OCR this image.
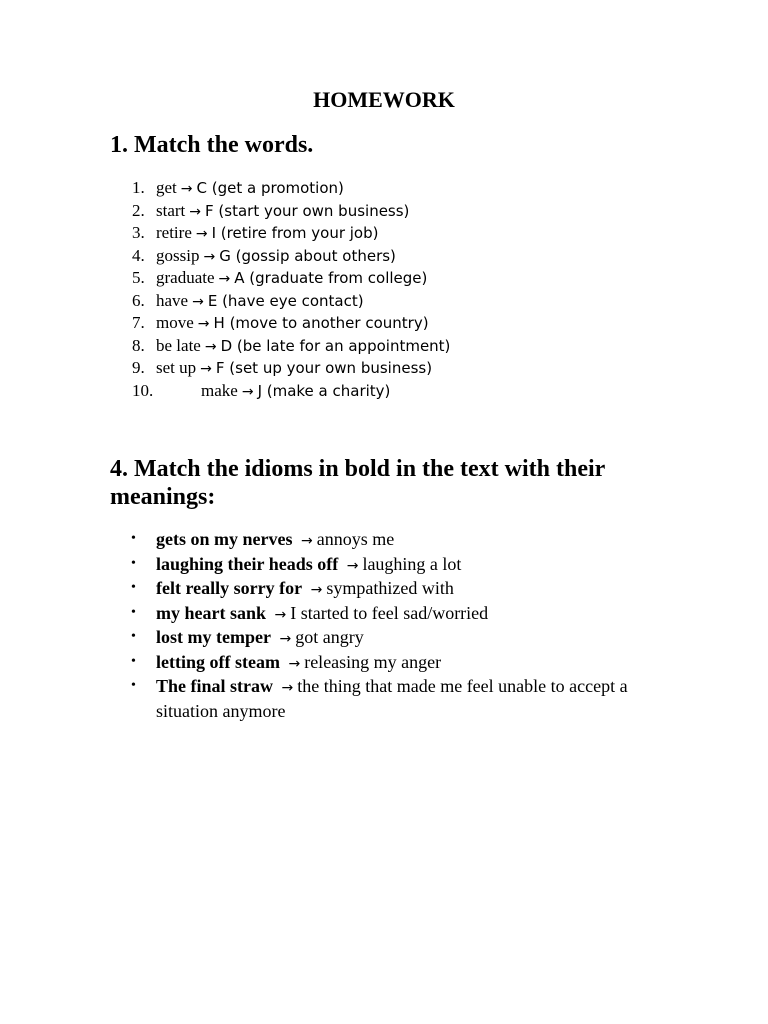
HOMEWORK
1. Match the words.
1. get → C (get a promotion)
2. start → F (start your own business)
3. retire → I (retire from your job)
4. gossip → G (gossip about others)
5. graduate → A (graduate from college)
6. have → E (have eye contact)
7. move → H (move to another country)
8. be late → D (be late for an appointment)
9. set up → F (set up your own business)
10.	make → J (make a charity)
4. Match the idioms in bold in the text with their meanings:
• gets on my nerves → annoys me
• laughing their heads off → laughing a lot
• felt really sorry for → sympathized with
• my heart sank → I started to feel sad/worried
• lost my temper → got angry
• letting off steam → releasing my anger
• The final straw → the thing that made me feel unable to accept a situation anymore
